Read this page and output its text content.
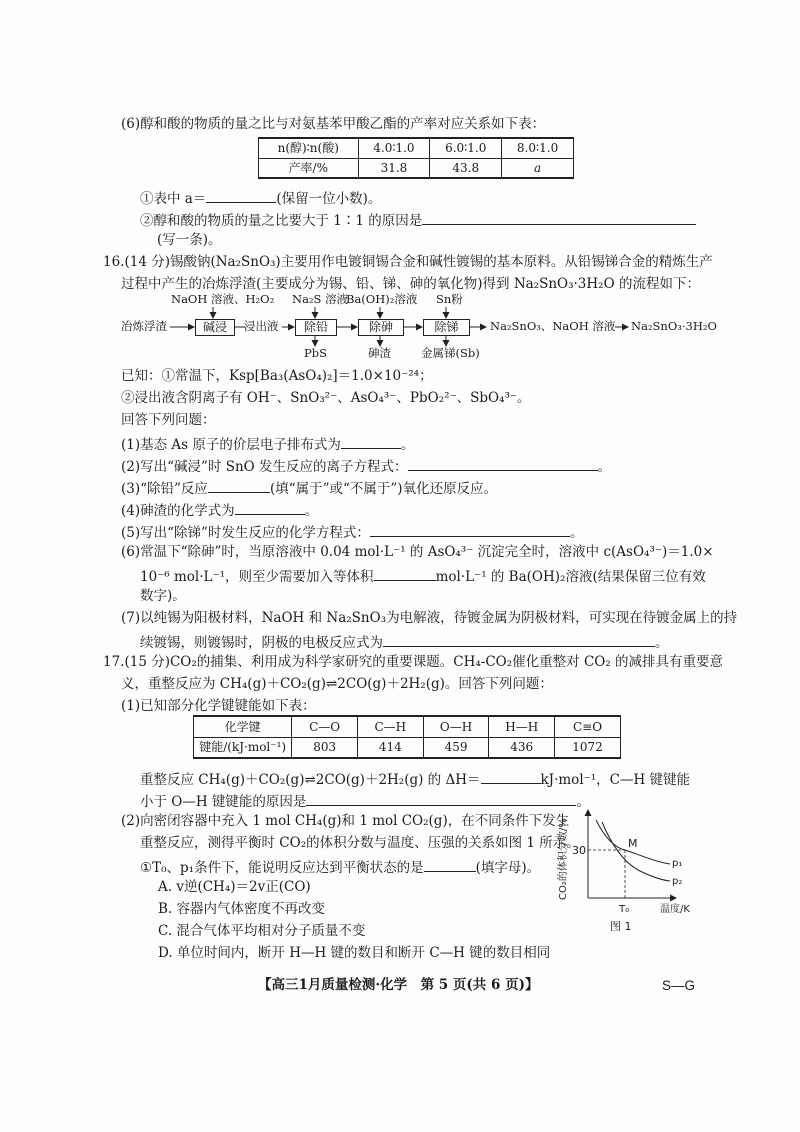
(6)醇和酸的物质的量之比与对氨基苯甲酸乙酯的产率对应关系如下表：
n(醇)∶n(酸)	4.0∶1.0	6.0∶1.0	8.0∶1.0
产率/%	31.8	43.8	a
①表中 a＝	(保留一位小数)。
②醇和酸的物质的量之比要大于 1∶1 的原因是
(写一条)。
16.(14 分)锡酸钠(Na₂SnO₃)主要用作电镀铜锡合金和碱性镀锡的基本原料。从铅锡锑合金的精炼生产
过程中产生的冶炼浮渣(主要成分为锡、铅、锑、砷的氧化物)得到 Na₂SnO₃·3H₂O 的流程如下：
NaOH 溶液、H₂O₂ Na₂S 溶液
Ba(OH)₂溶液 Sn粉
冶炼浮渣	碱浸	浸出液	除铅	除砷	除锑	Na₂SnO₃、NaOH 溶液 Na₂SnO₃·3H₂O
PbS	砷渣	金属锑(Sb)
已知：①常温下，Ksp[Ba₃(AsO₄)₂]＝1.0×10⁻²⁴；
②浸出液含阴离子有 OH⁻、SnO₃²⁻、AsO₄³⁻、PbO₂²⁻、SbO₄³⁻。
回答下列问题：
(1)基态 As 原子的价层电子排布式为	。
(2)写出“碱浸”时 SnO 发生反应的离子方程式：	。
(3)“除铅”反应	(填“属于”或“不属于”)氧化还原反应。
(4)砷渣的化学式为	。
(5)写出“除锑”时发生反应的化学方程式：	。
(6)常温下“除砷”时，当原溶液中 0.04 mol·L⁻¹ 的 AsO₄³⁻ 沉淀完全时，溶液中 c(AsO₄³⁻)＝1.0×
10⁻⁶ mol·L⁻¹，则至少需要加入等体积	mol·L⁻¹ 的 Ba(OH)₂溶液(结果保留三位有效
数字)。
(7)以纯锡为阳极材料，NaOH 和 Na₂SnO₃为电解液，待镀金属为阴极材料，可实现在待镀金属上的持
续镀锡，则镀锡时，阴极的电极反应式为	。
17.(15 分)CO₂的捕集、利用成为科学家研究的重要课题。CH₄-CO₂催化重整对 CO₂ 的减排具有重要意
义，重整反应为 CH₄(g)＋CO₂(g)⇌2CO(g)＋2H₂(g)。回答下列问题：
(1)已知部分化学键键能如下表：
化学键	C—O	C—H	O—H	H—H	C≡O
键能/(kJ·mol⁻¹)	803	414	459	436	1072
重整反应 CH₄(g)＋CO₂(g)⇌2CO(g)＋2H₂(g) 的 ΔH＝	kJ·mol⁻¹，C—H 键键能
小于 O—H 键键能的原因是	。
(2)向密闭容器中充入 1 mol CH₄(g)和 1 mol CO₂(g)，在不同条件下发生
重整反应，测得平衡时 CO₂的体积分数与温度、压强的关系如图 1 所示。
①T₀、p₁条件下，能说明反应达到平衡状态的是	(填字母)。
A. v逆(CH₄)＝2v正(CO)
B. 容器内气体密度不再改变
C. 混合气体平均相对分子质量不变
D. 单位时间内，断开 H—H 键的数目和断开 C—H 键的数目相同
30
T₀
M
p₁
p₂
温度/K
CO₂的体积分数/%
图 1
【高三1月质量检测·化学　第 5 页(共 6 页)】	S—G
